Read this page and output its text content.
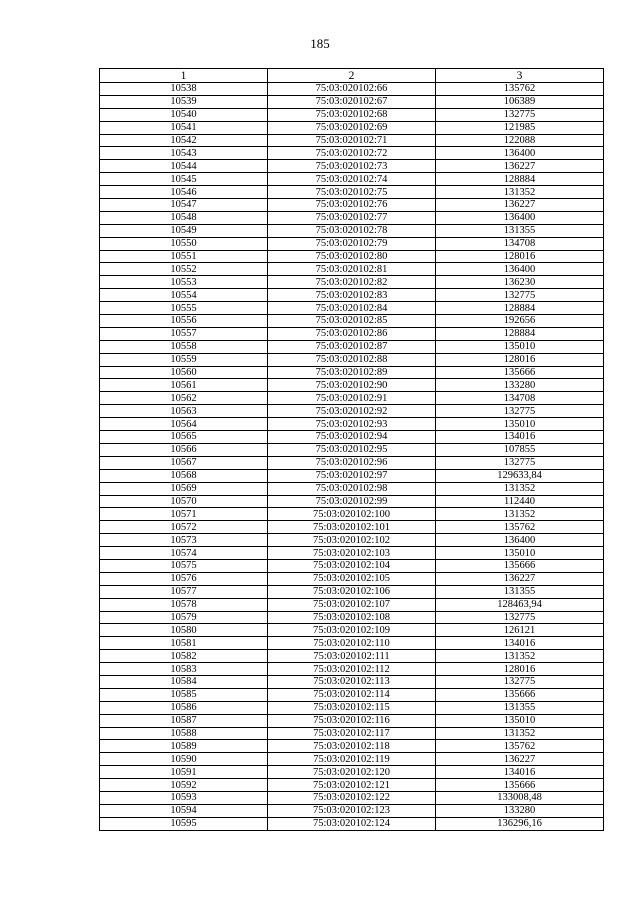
185
1	2	3
10538	75:03:020102:66	135762
10539	75:03:020102:67	106389
10540	75:03:020102:68	132775
10541	75:03:020102:69	121985
10542	75:03:020102:71	122088
10543	75:03:020102:72	136400
10544	75:03:020102:73	136227
10545	75:03:020102:74	128884
10546	75:03:020102:75	131352
10547	75:03:020102:76	136227
10548	75:03:020102:77	136400
10549	75:03:020102:78	131355
10550	75:03:020102:79	134708
10551	75:03:020102:80	128016
10552	75:03:020102:81	136400
10553	75:03:020102:82	136230
10554	75:03:020102:83	132775
10555	75:03:020102:84	128884
10556	75:03:020102:85	192656
10557	75:03:020102:86	128884
10558	75:03:020102:87	135010
10559	75:03:020102:88	128016
10560	75:03:020102:89	135666
10561	75:03:020102:90	133280
10562	75:03:020102:91	134708
10563	75:03:020102:92	132775
10564	75:03:020102:93	135010
10565	75:03:020102:94	134016
10566	75:03:020102:95	107855
10567	75:03:020102:96	132775
10568	75:03:020102:97	129633,84
10569	75:03:020102:98	131352
10570	75:03:020102:99	112440
10571	75:03:020102:100	131352
10572	75:03:020102:101	135762
10573	75:03:020102:102	136400
10574	75:03:020102:103	135010
10575	75:03:020102:104	135666
10576	75:03:020102:105	136227
10577	75:03:020102:106	131355
10578	75:03:020102:107	128463,94
10579	75:03:020102:108	132775
10580	75:03:020102:109	126121
10581	75:03:020102:110	134016
10582	75:03:020102:111	131352
10583	75:03:020102:112	128016
10584	75:03:020102:113	132775
10585	75:03:020102:114	135666
10586	75:03:020102:115	131355
10587	75:03:020102:116	135010
10588	75:03:020102:117	131352
10589	75:03:020102:118	135762
10590	75:03:020102:119	136227
10591	75:03:020102:120	134016
10592	75:03:020102:121	135666
10593	75:03:020102:122	133008,48
10594	75:03:020102:123	133280
10595	75:03:020102:124	136296,16
